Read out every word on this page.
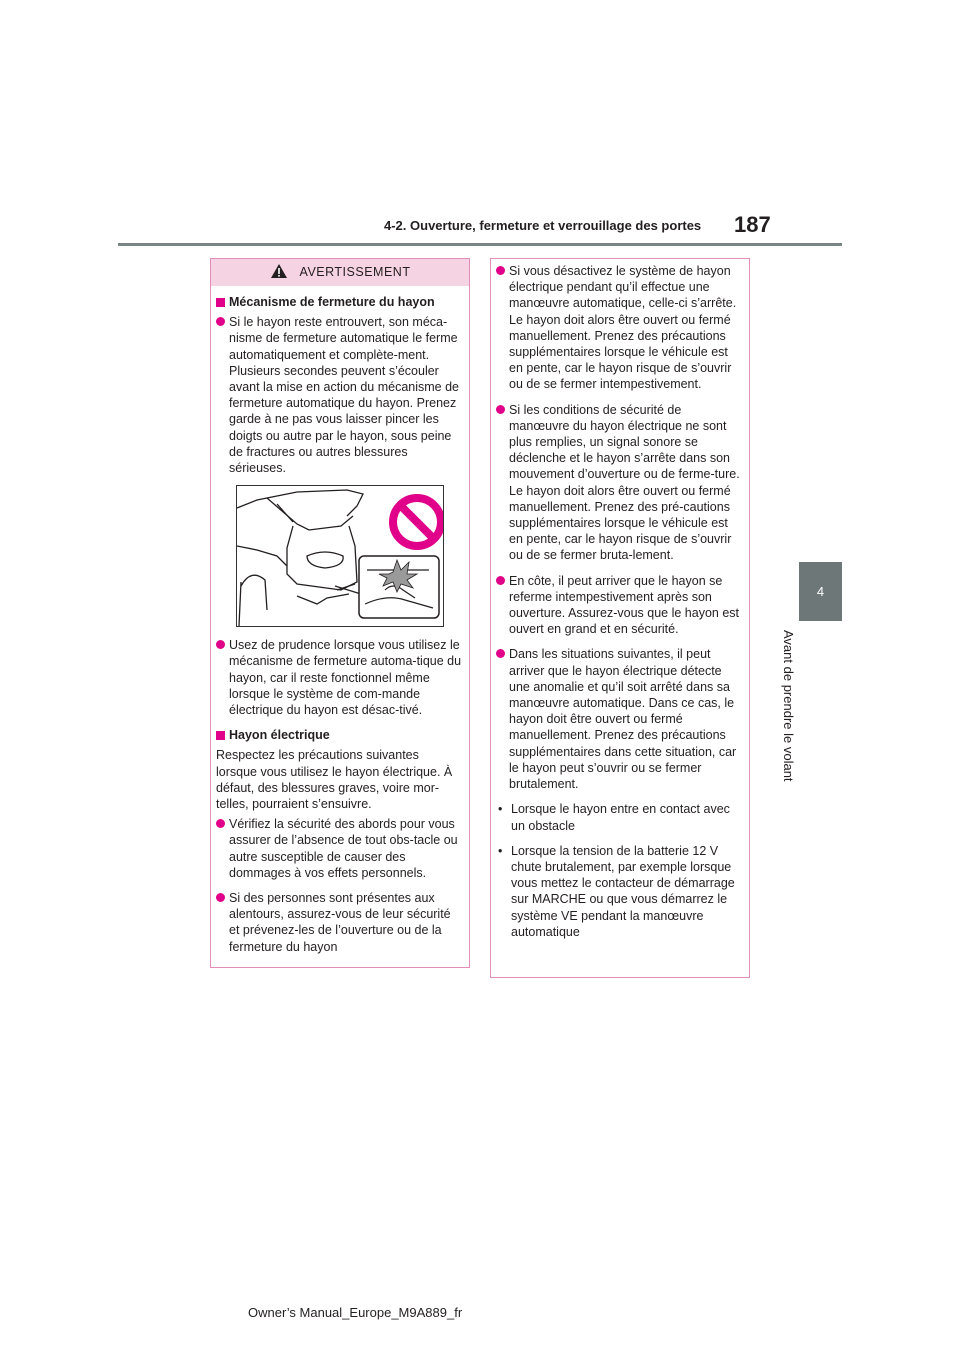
4-2. Ouverture, fermeture et verrouillage des portes 187
4
Avant de prendre le volant
AVERTISSEMENT
Mécanisme de fermeture du hayon
Si le hayon reste entrouvert, son méca-nisme de fermeture automatique le ferme automatiquement et complète-ment. Plusieurs secondes peuvent s’écouler avant la mise en action du mécanisme de fermeture automatique du hayon. Prenez garde à ne pas vous laisser pincer les doigts ou autre par le hayon, sous peine de fractures ou autres blessures sérieuses.
Usez de prudence lorsque vous utilisez le mécanisme de fermeture automa-tique du hayon, car il reste fonctionnel même lorsque le système de com-mande électrique du hayon est désac-tivé.
Hayon électrique
Respectez les précautions suivantes lorsque vous utilisez le hayon électrique. À défaut, des blessures graves, voire mor-telles, pourraient s’ensuivre.
Vérifiez la sécurité des abords pour vous assurer de l’absence de tout obs-tacle ou autre susceptible de causer des dommages à vos effets personnels.
Si des personnes sont présentes aux alentours, assurez-vous de leur sécurité et prévenez-les de l’ouverture ou de la fermeture du hayon
Si vous désactivez le système de hayon électrique pendant qu’il effectue une manœuvre automatique, celle-ci s’arrête. Le hayon doit alors être ouvert ou fermé manuellement. Prenez des précautions supplémentaires lorsque le véhicule est en pente, car le hayon risque de s’ouvrir ou de se fermer intempestivement.
Si les conditions de sécurité de manœuvre du hayon électrique ne sont plus remplies, un signal sonore se déclenche et le hayon s’arrête dans son mouvement d’ouverture ou de ferme-ture. Le hayon doit alors être ouvert ou fermé manuellement. Prenez des pré-cautions supplémentaires lorsque le véhicule est en pente, car le hayon risque de s’ouvrir ou de se fermer bruta-lement.
En côte, il peut arriver que le hayon se referme intempestivement après son ouverture. Assurez-vous que le hayon est ouvert en grand et en sécurité.
Dans les situations suivantes, il peut arriver que le hayon électrique détecte une anomalie et qu’il soit arrêté dans sa manœuvre automatique. Dans ce cas, le hayon doit être ouvert ou fermé manuellement. Prenez des précautions supplémentaires dans cette situation, car le hayon peut s’ouvrir ou se fermer brutalement.
• Lorsque le hayon entre en contact avec un obstacle
• Lorsque la tension de la batterie 12 V chute brutalement, par exemple lorsque vous mettez le contacteur de démarrage sur MARCHE ou que vous démarrez le système VE pendant la manœuvre automatique
Owner’s Manual_Europe_M9A889_fr
